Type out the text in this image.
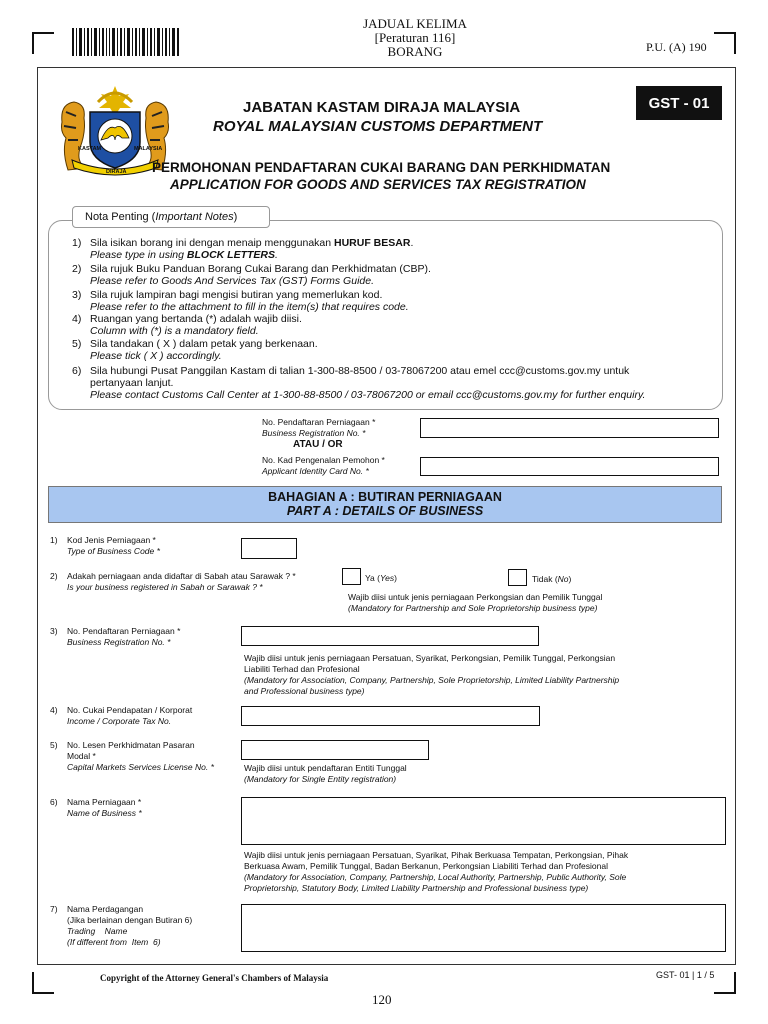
JADUAL KELIMA
[Peraturan 116]
BORANG	P.U. (A) 190
KASTAM	MALAYSIA
DIRAJA
GST - 01
JABATAN KASTAM DIRAJA MALAYSIA
ROYAL MALAYSIAN CUSTOMS DEPARTMENT
PERMOHONAN PENDAFTARAN CUKAI BARANG DAN PERKHIDMATAN
APPLICATION FOR GOODS AND SERVICES TAX REGISTRATION
Nota Penting ( Important Notes )
1) Sila isikan borang ini dengan menaip menggunakan HURUF BESAR.
Please type in using BLOCK LETTERS.
2) Sila rujuk Buku Panduan Borang Cukai Barang dan Perkhidmatan (CBP).
Please refer to Goods And Services Tax (GST) Forms Guide.
3) Sila rujuk lampiran bagi mengisi butiran yang memerlukan kod.
Please refer to the attachment to fill in the item(s) that requires code.
4) Ruangan yang bertanda (*) adalah wajib diisi.
Column with (*) is a mandatory field.
5) Sila tandakan ( X ) dalam petak yang berkenaan.
Please tick ( X ) accordingly.
6) Sila hubungi Pusat Panggilan Kastam di talian 1-300-88-8500 / 03-78067200 atau emel ccc@customs.gov.my untuk
pertanyaan lanjut.
Please contact Customs Call Center at 1-300-88-8500 / 03-78067200 or email ccc@customs.gov.my for further enquiry.
No. Pendaftaran Perniagaan *
Business Registration No. *
ATAU / OR
No. Kad Pengenalan Pemohon *
Applicant Identity Card No. *
BAHAGIAN A : BUTIRAN PERNIAGAAN
PART A : DETAILS OF BUSINESS
1) Kod Jenis Perniagaan *
Type of Business Code *
2) Adakah perniagaan anda didaftar di Sabah atau Sarawak ? *
Is your business registered in Sabah or Sarawak ? *
Ya (Yes)	Tidak (No)
Wajib diisi untuk jenis perniagaan Perkongsian dan Pemilik Tunggal
(Mandatory for Partnership and Sole Proprietorship business type)
3) No. Pendaftaran Perniagaan *
Business Registration No. *
Wajib diisi untuk jenis perniagaan Persatuan, Syarikat, Perkongsian, Pemilik Tunggal, Perkongsian
Liabiliti Terhad dan Profesional
(Mandatory for Association, Company, Partnership, Sole Proprietorship, Limited Liability Partnership
and Professional business type)
4) No. Cukai Pendapatan / Korporat
Income / Corporate Tax No.
5) No. Lesen Perkhidmatan Pasaran
Modal *
Capital Markets Services License No. *	Wajib diisi untuk pendaftaran Entiti Tunggal
(Mandatory for Single Entity registration)
6) Nama Perniagaan *
Name of Business *
Wajib diisi untuk jenis perniagaan Persatuan, Syarikat, Pihak Berkuasa Tempatan, Perkongsian, Pihak
Berkuasa Awam, Pemilik Tunggal, Badan Berkanun, Perkongsian Liabiliti Terhad dan Profesional
(Mandatory for Association, Company, Partnership, Local Authority, Partnership, Public Authority, Sole
Proprietorship, Statutory Body, Limited Liability Partnership and Professional business type)
7) Nama Perdagangan
(Jika berlainan dengan Butiran 6)
Trading    Name
(If different from  Item  6)
Copyright of the Attorney General's Chambers of Malaysia	GST- 01 | 1 / 5
120
